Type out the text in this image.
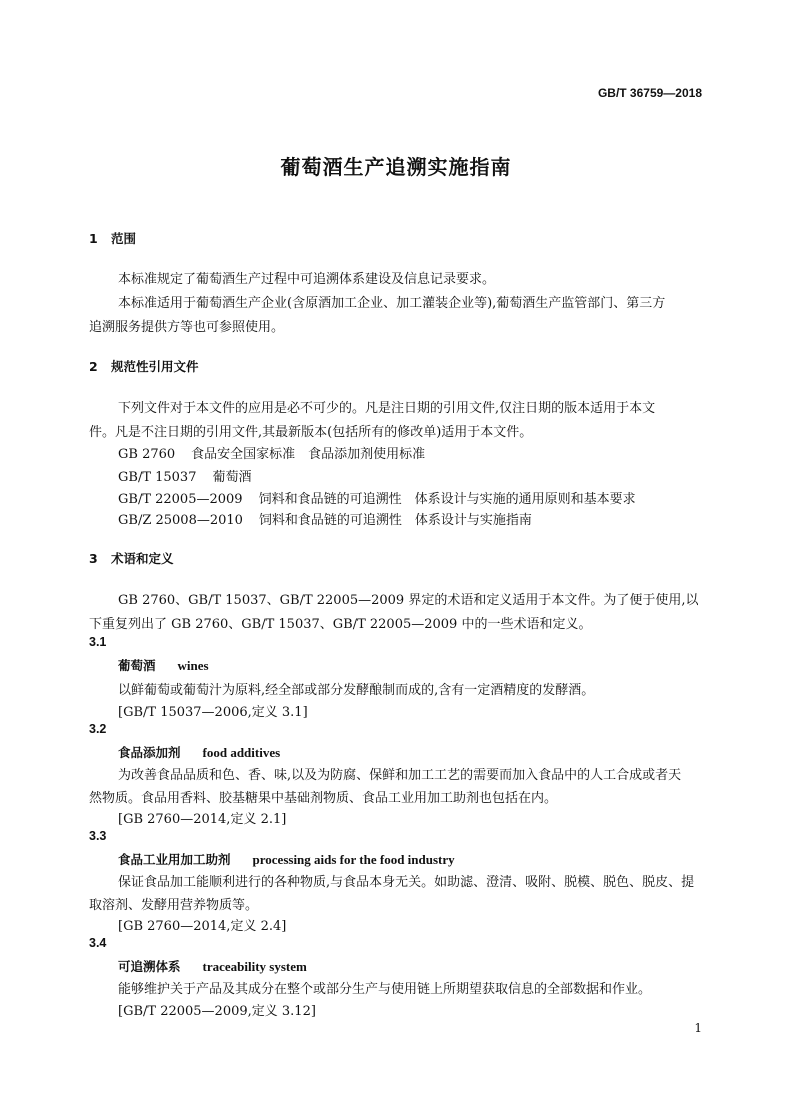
GB/T 36759—2018
葡萄酒生产追溯实施指南
1 范围
本标准规定了葡萄酒生产过程中可追溯体系建设及信息记录要求。
本标准适用于葡萄酒生产企业(含原酒加工企业、加工灌装企业等),葡萄酒生产监管部门、第三方
追溯服务提供方等也可参照使用。
2 规范性引用文件
下列文件对于本文件的应用是必不可少的。凡是注日期的引用文件,仅注日期的版本适用于本文
件。凡是不注日期的引用文件,其最新版本(包括所有的修改单)适用于本文件。
GB 2760 食品安全国家标准　食品添加剂使用标准
GB/T 15037 葡萄酒
GB/T 22005—2009 饲料和食品链的可追溯性　体系设计与实施的通用原则和基本要求
GB/Z 25008—2010 饲料和食品链的可追溯性　体系设计与实施指南
3 术语和定义
GB 2760、GB/T 15037、GB/T 22005—2009 界定的术语和定义适用于本文件。为了便于使用,以
下重复列出了 GB 2760、GB/T 15037、GB/T 22005—2009 中的一些术语和定义。
3.1
葡萄酒 wines
以鲜葡萄或葡萄汁为原料,经全部或部分发酵酿制而成的,含有一定酒精度的发酵酒。
[GB/T 15037—2006,定义 3.1]
3.2
食品添加剂 food additives
为改善食品品质和色、香、味,以及为防腐、保鲜和加工工艺的需要而加入食品中的人工合成或者天
然物质。食品用香料、胶基糖果中基础剂物质、食品工业用加工助剂也包括在内。
[GB 2760—2014,定义 2.1]
3.3
食品工业用加工助剂 processing aids for the food industry
保证食品加工能顺利进行的各种物质,与食品本身无关。如助滤、澄清、吸附、脱模、脱色、脱皮、提
取溶剂、发酵用营养物质等。
[GB 2760—2014,定义 2.4]
3.4
可追溯体系 traceability system
能够维护关于产品及其成分在整个或部分生产与使用链上所期望获取信息的全部数据和作业。
[GB/T 22005—2009,定义 3.12]
1
